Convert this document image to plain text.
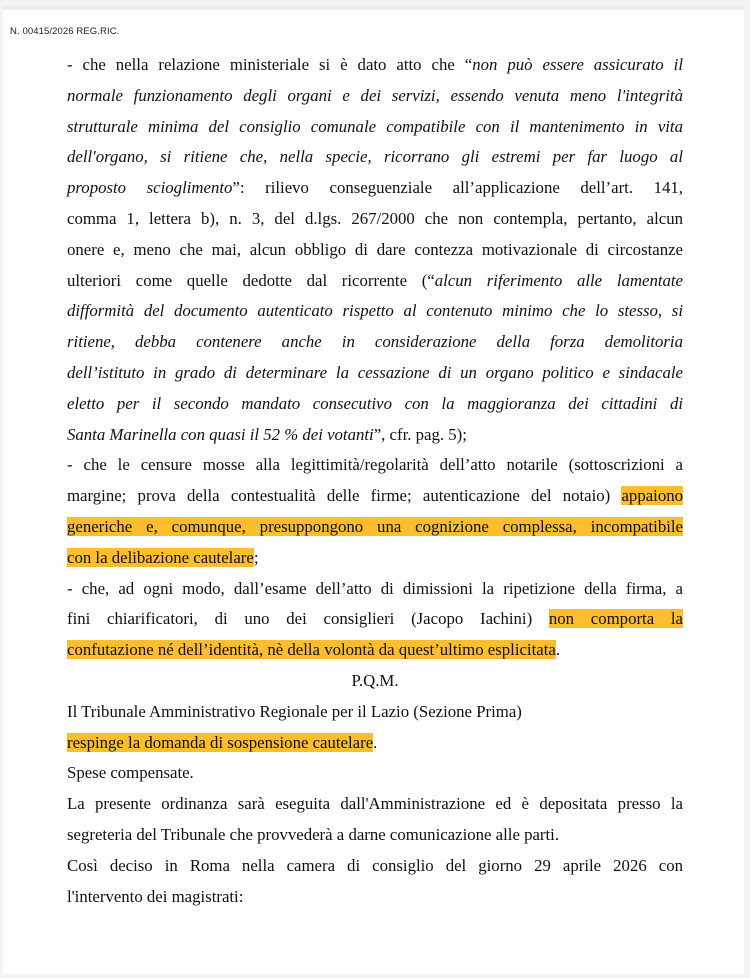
N. 00415/2026 REG.RIC.
- che nella relazione ministeriale si è dato atto che “non può essere assicurato il
normale funzionamento degli organi e dei servizi, essendo venuta meno l'integrità
strutturale minima del consiglio comunale compatibile con il mantenimento in vita
dell'organo, si ritiene che, nella specie, ricorrano gli estremi per far luogo al
proposto scioglimento”: rilievo conseguenziale all’applicazione dell’art. 141,
comma 1, lettera b), n. 3, del d.lgs. 267/2000 che non contempla, pertanto, alcun
onere e, meno che mai, alcun obbligo di dare contezza motivazionale di circostanze
ulteriori come quelle dedotte dal ricorrente (“alcun riferimento alle lamentate
difformità del documento autenticato rispetto al contenuto minimo che lo stesso, si
ritiene, debba contenere anche in considerazione della forza demolitoria
dell’istituto in grado di determinare la cessazione di un organo politico e sindacale
eletto per il secondo mandato consecutivo con la maggioranza dei cittadini di
Santa Marinella con quasi il 52 % dei votanti”, cfr. pag. 5);
- che le censure mosse alla legittimità/regolarità dell’atto notarile (sottoscrizioni a
margine; prova della contestualità delle firme; autenticazione del notaio) appaiono
generiche e, comunque, presuppongono una cognizione complessa, incompatibile
con la delibazione cautelare;
- che, ad ogni modo, dall’esame dell’atto di dimissioni la ripetizione della firma, a
fini chiarificatori, di uno dei consiglieri (Jacopo Iachini) non comporta la
confutazione né dell’identità, nè della volontà da quest’ultimo esplicitata.
P.Q.M.
Il Tribunale Amministrativo Regionale per il Lazio (Sezione Prima)
respinge la domanda di sospensione cautelare.
Spese compensate.
La presente ordinanza sarà eseguita dall'Amministrazione ed è depositata presso la
segreteria del Tribunale che provvederà a darne comunicazione alle parti.
Così deciso in Roma nella camera di consiglio del giorno 29 aprile 2026 con
l'intervento dei magistrati:
